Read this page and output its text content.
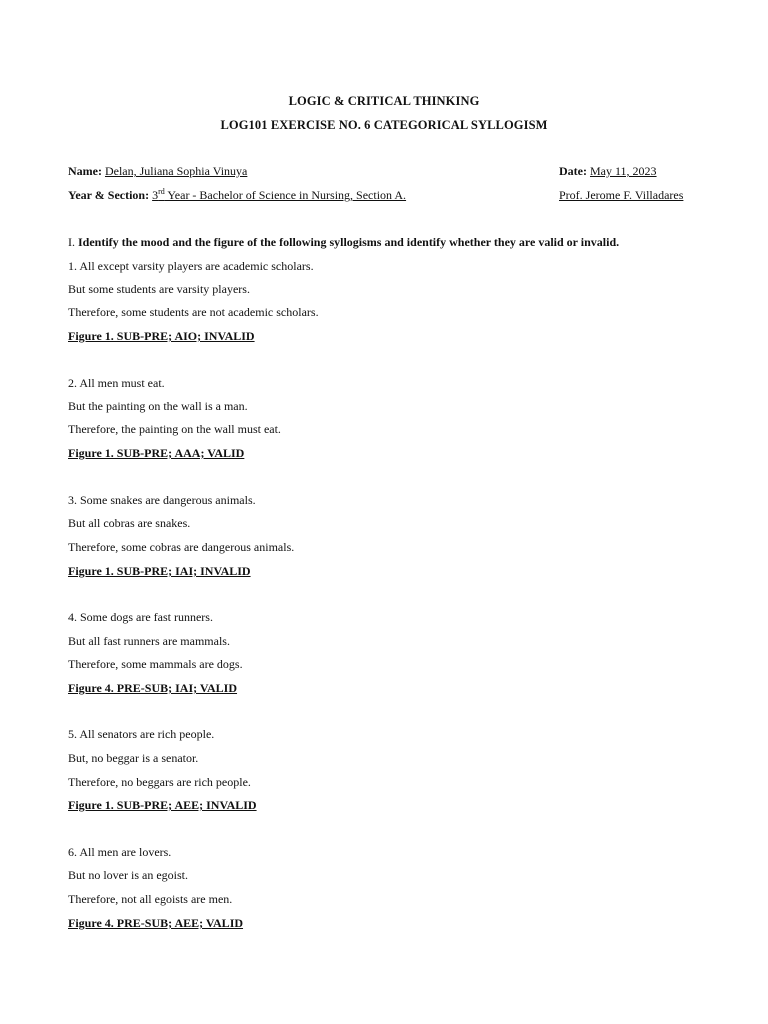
LOGIC & CRITICAL THINKING
LOG101 EXERCISE NO. 6 CATEGORICAL SYLLOGISM
Name: Delan, Juliana Sophia Vinuya	Date: May 11, 2023
Year & Section: 3rd Year - Bachelor of Science in Nursing, Section A.	Prof. Jerome F. Villadares
I. Identify the mood and the figure of the following syllogisms and identify whether they are valid or invalid.
1. All except varsity players are academic scholars.
But some students are varsity players.
Therefore, some students are not academic scholars.
Figure 1. SUB-PRE; AIO; INVALID
2. All men must eat.
But the painting on the wall is a man.
Therefore, the painting on the wall must eat.
Figure 1. SUB-PRE; AAA; VALID
3. Some snakes are dangerous animals.
But all cobras are snakes.
Therefore, some cobras are dangerous animals.
Figure 1. SUB-PRE; IAI; INVALID
4. Some dogs are fast runners.
But all fast runners are mammals.
Therefore, some mammals are dogs.
Figure 4. PRE-SUB; IAI; VALID
5. All senators are rich people.
But, no beggar is a senator.
Therefore, no beggars are rich people.
Figure 1. SUB-PRE; AEE; INVALID
6. All men are lovers.
But no lover is an egoist.
Therefore, not all egoists are men.
Figure 4. PRE-SUB; AEE; VALID
